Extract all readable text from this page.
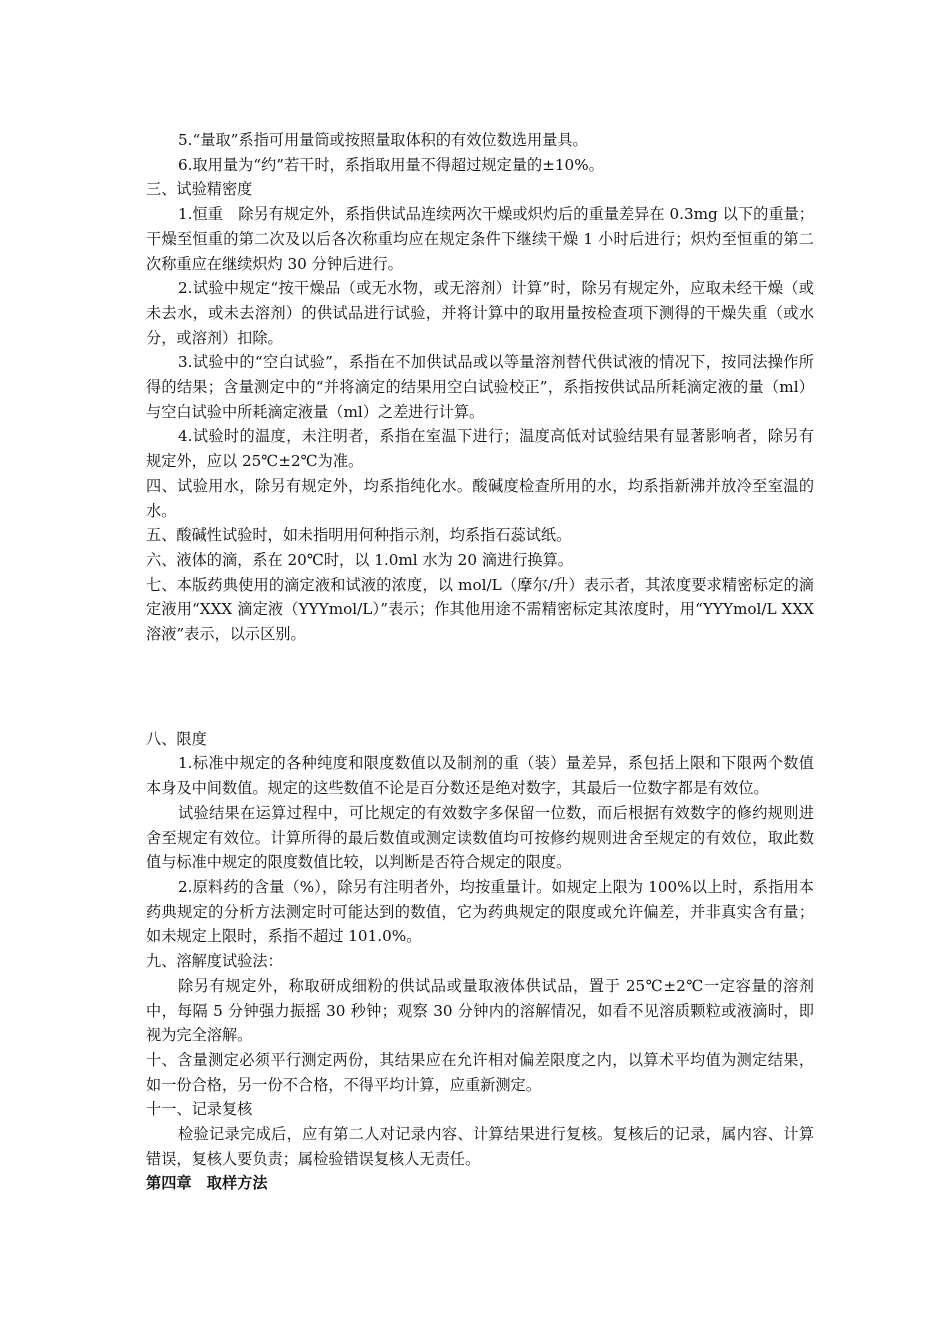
5.“量取”系指可用量筒或按照量取体积的有效位数选用量具。

6.取用量为“约”若干时，系指取用量不得超过规定量的±10%。

三、试验精密度

1.恒重　除另有规定外，系指供试品连续两次干燥或炽灼后的重量差异在 0.3mg 以下的重量；干燥至恒重的第二次及以后各次称重均应在规定条件下继续干燥 1 小时后进行；炽灼至恒重的第二次称重应在继续炽灼 30 分钟后进行。

2.试验中规定“按干燥品（或无水物，或无溶剂）计算”时，除另有规定外，应取未经干燥（或未去水，或未去溶剂）的供试品进行试验，并将计算中的取用量按检查项下测得的干燥失重（或水分，或溶剂）扣除。

3.试验中的“空白试验”，系指在不加供试品或以等量溶剂替代供试液的情况下，按同法操作所得的结果；含量测定中的“并将滴定的结果用空白试验校正”，系指按供试品所耗滴定液的量（ml）与空白试验中所耗滴定液量（ml）之差进行计算。

4.试验时的温度，未注明者，系指在室温下进行；温度高低对试验结果有显著影响者，除另有规定外，应以 25℃±2℃为准。

四、试验用水，除另有规定外，均系指纯化水。酸碱度检查所用的水，均系指新沸并放冷至室温的水。

五、酸碱性试验时，如未指明用何种指示剂，均系指石蕊试纸。

六、液体的滴，系在 20℃时，以 1.0ml 水为 20 滴进行换算。

七、本版药典使用的滴定液和试液的浓度，以 mol/L（摩尔/升）表示者，其浓度要求精密标定的滴定液用“XXX 滴定液（YYYmol/L）”表示；作其他用途不需精密标定其浓度时，用“YYYmol/L XXX 溶液”表示，以示区别。

八、限度

1.标准中规定的各种纯度和限度数值以及制剂的重（装）量差异，系包括上限和下限两个数值本身及中间数值。规定的这些数值不论是百分数还是绝对数字，其最后一位数字都是有效位。

试验结果在运算过程中，可比规定的有效数字多保留一位数，而后根据有效数字的修约规则进舍至规定有效位。计算所得的最后数值或测定读数值均可按修约规则进舍至规定的有效位，取此数值与标准中规定的限度数值比较，以判断是否符合规定的限度。

2.原料药的含量（%），除另有注明者外，均按重量计。如规定上限为 100%以上时，系指用本药典规定的分析方法测定时可能达到的数值，它为药典规定的限度或允许偏差，并非真实含有量；如未规定上限时，系指不超过 101.0%。

九、溶解度试验法：

除另有规定外，称取研成细粉的供试品或量取液体供试品，置于 25℃±2℃一定容量的溶剂中，每隔 5 分钟强力振摇 30 秒钟；观察 30 分钟内的溶解情况，如看不见溶质颗粒或液滴时，即视为完全溶解。

十、含量测定必须平行测定两份，其结果应在允许相对偏差限度之内，以算术平均值为测定结果，如一份合格，另一份不合格，不得平均计算，应重新测定。

十一、记录复核

检验记录完成后，应有第二人对记录内容、计算结果进行复核。复核后的记录，属内容、计算错误，复核人要负责；属检验错误复核人无责任。

第四章　取样方法
